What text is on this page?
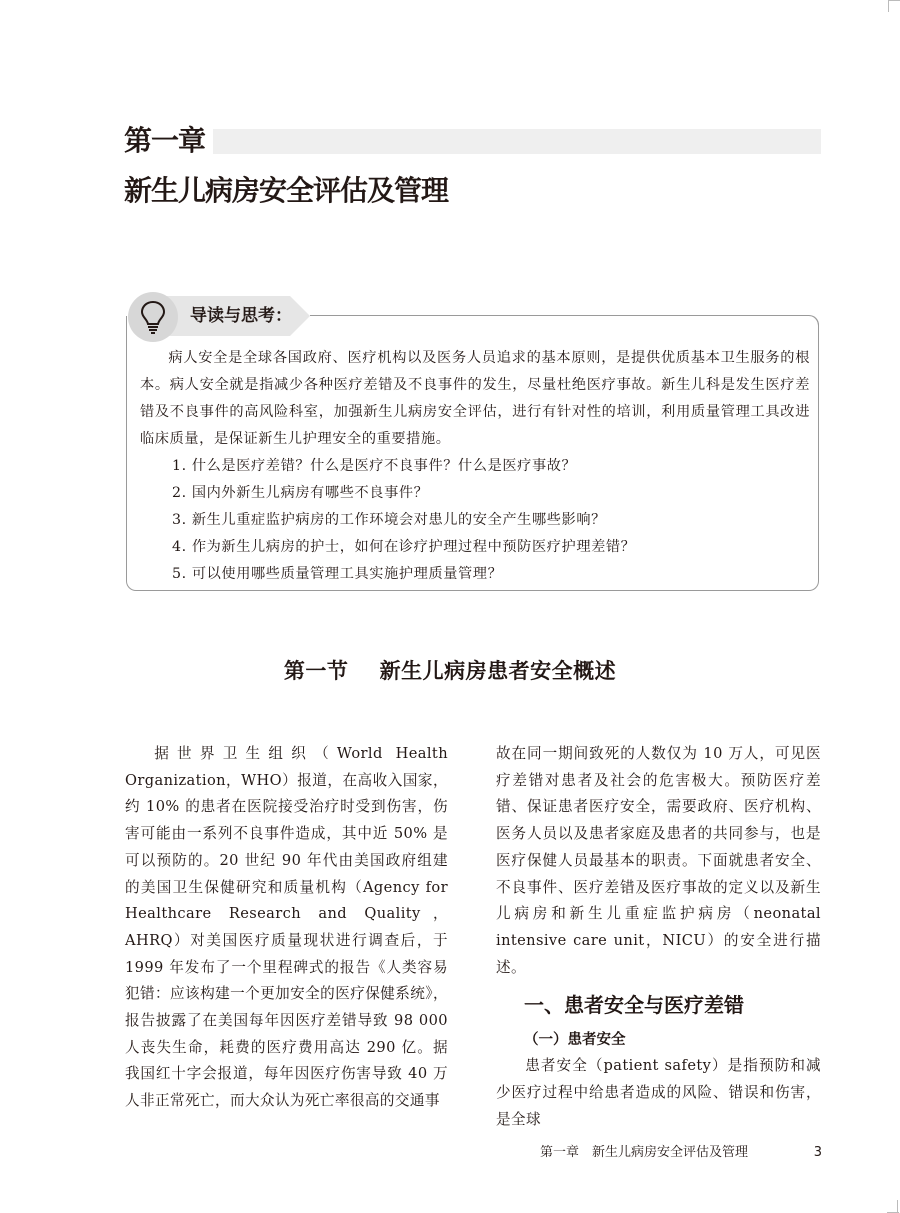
第一章
新生儿病房安全评估及管理
导读与思考：

病人安全是全球各国政府、医疗机构以及医务人员追求的基本原则，是提供优质基本卫生服务的根本。病人安全就是指减少各种医疗差错及不良事件的发生，尽量杜绝医疗事故。新生儿科是发生医疗差错及不良事件的高风险科室，加强新生儿病房安全评估，进行有针对性的培训，利用质量管理工具改进临床质量，是保证新生儿护理安全的重要措施。

1. 什么是医疗差错？什么是医疗不良事件？什么是医疗事故？
2. 国内外新生儿病房有哪些不良事件？
3. 新生儿重症监护病房的工作环境会对患儿的安全产生哪些影响？
4. 作为新生儿病房的护士，如何在诊疗护理过程中预防医疗护理差错？
5. 可以使用哪些质量管理工具实施护理质量管理？
第一节    新生儿病房患者安全概述

据世界卫生组织（World Health Organization，WHO）报道，在高收入国家，约 10% 的患者在医院接受治疗时受到伤害，伤害可能由一系列不良事件造成，其中近 50% 是可以预防的。20 世纪 90 年代由美国政府组建的美国卫生保健研究和质量机构（Agency for Healthcare Research and Quality，AHRQ）对美国医疗质量现状进行调查后，于 1999 年发布了一个里程碑式的报告《人类容易犯错：应该构建一个更加安全的医疗保健系统》，报告披露了在美国每年因医疗差错导致 98 000 人丧失生命，耗费的医疗费用高达 290 亿。据我国红十字会报道，每年因医疗伤害导致 40 万人非正常死亡，而大众认为死亡率很高的交通事

故在同一期间致死的人数仅为 10 万人，可见医疗差错对患者及社会的危害极大。预防医疗差错、保证患者医疗安全，需要政府、医疗机构、医务人员以及患者家庭及患者的共同参与，也是医疗保健人员最基本的职责。下面就患者安全、不良事件、医疗差错及医疗事故的定义以及新生儿病房和新生儿重症监护病房（neonatal intensive care unit，NICU）的安全进行描述。

一、患者安全与医疗差错

（一）患者安全

患者安全（patient safety）是指预防和减少医疗过程中给患者造成的风险、错误和伤害，是全球

第一章　新生儿病房安全评估及管理	3
